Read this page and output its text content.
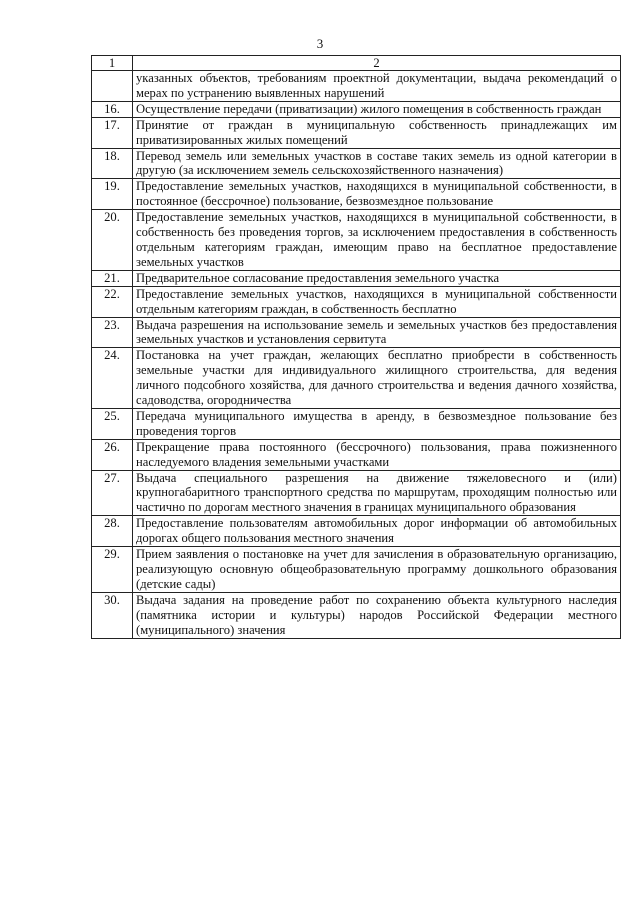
3
1	2
	указанных объектов, требованиям проектной документации, выдача рекомендаций о мерах по устранению выявленных нарушений
16.	Осуществление передачи (приватизации) жилого помещения в собственность граждан
17.	Принятие от граждан в муниципальную собственность принадлежащих им приватизированных жилых помещений
18.	Перевод земель или земельных участков в составе таких земель из одной категории в другую (за исключением земель сельскохозяйственного назначения)
19.	Предоставление земельных участков, находящихся в муниципальной собственности, в постоянное (бессрочное) пользование, безвозмездное пользование
20.	Предоставление земельных участков, находящихся в муниципальной собственности, в собственность без проведения торгов, за исключением предоставления в собственность отдельным категориям граждан, имеющим право на бесплатное предоставление земельных участков
21.	Предварительное согласование предоставления земельного участка
22.	Предоставление земельных участков, находящихся в муниципальной собственности отдельным категориям граждан, в собственность бесплатно
23.	Выдача разрешения на использование земель и земельных участков без предоставления земельных участков и установления сервитута
24.	Постановка на учет граждан, желающих бесплатно приобрести в собственность земельные участки для индивидуального жилищного строительства, для ведения личного подсобного хозяйства, для дачного строительства и ведения дачного хозяйства, садоводства, огородничества
25.	Передача муниципального имущества в аренду, в безвозмездное пользование без проведения торгов
26.	Прекращение права постоянного (бессрочного) пользования, права пожизненного наследуемого владения земельными участками
27.	Выдача специального разрешения на движение тяжеловесного и (или) крупногабаритного транспортного средства по маршрутам, проходящим полностью или частично по дорогам местного значения в границах муниципального образования
28.	Предоставление пользователям автомобильных дорог информации об автомобильных дорогах общего пользования местного значения
29.	Прием заявления о постановке на учет для зачисления в образовательную организацию, реализующую основную общеобразовательную программу дошкольного образования (детские сады)
30.	Выдача задания на проведение работ по сохранению объекта культурного наследия (памятника истории и культуры) народов Российской Федерации местного (муниципального) значения
